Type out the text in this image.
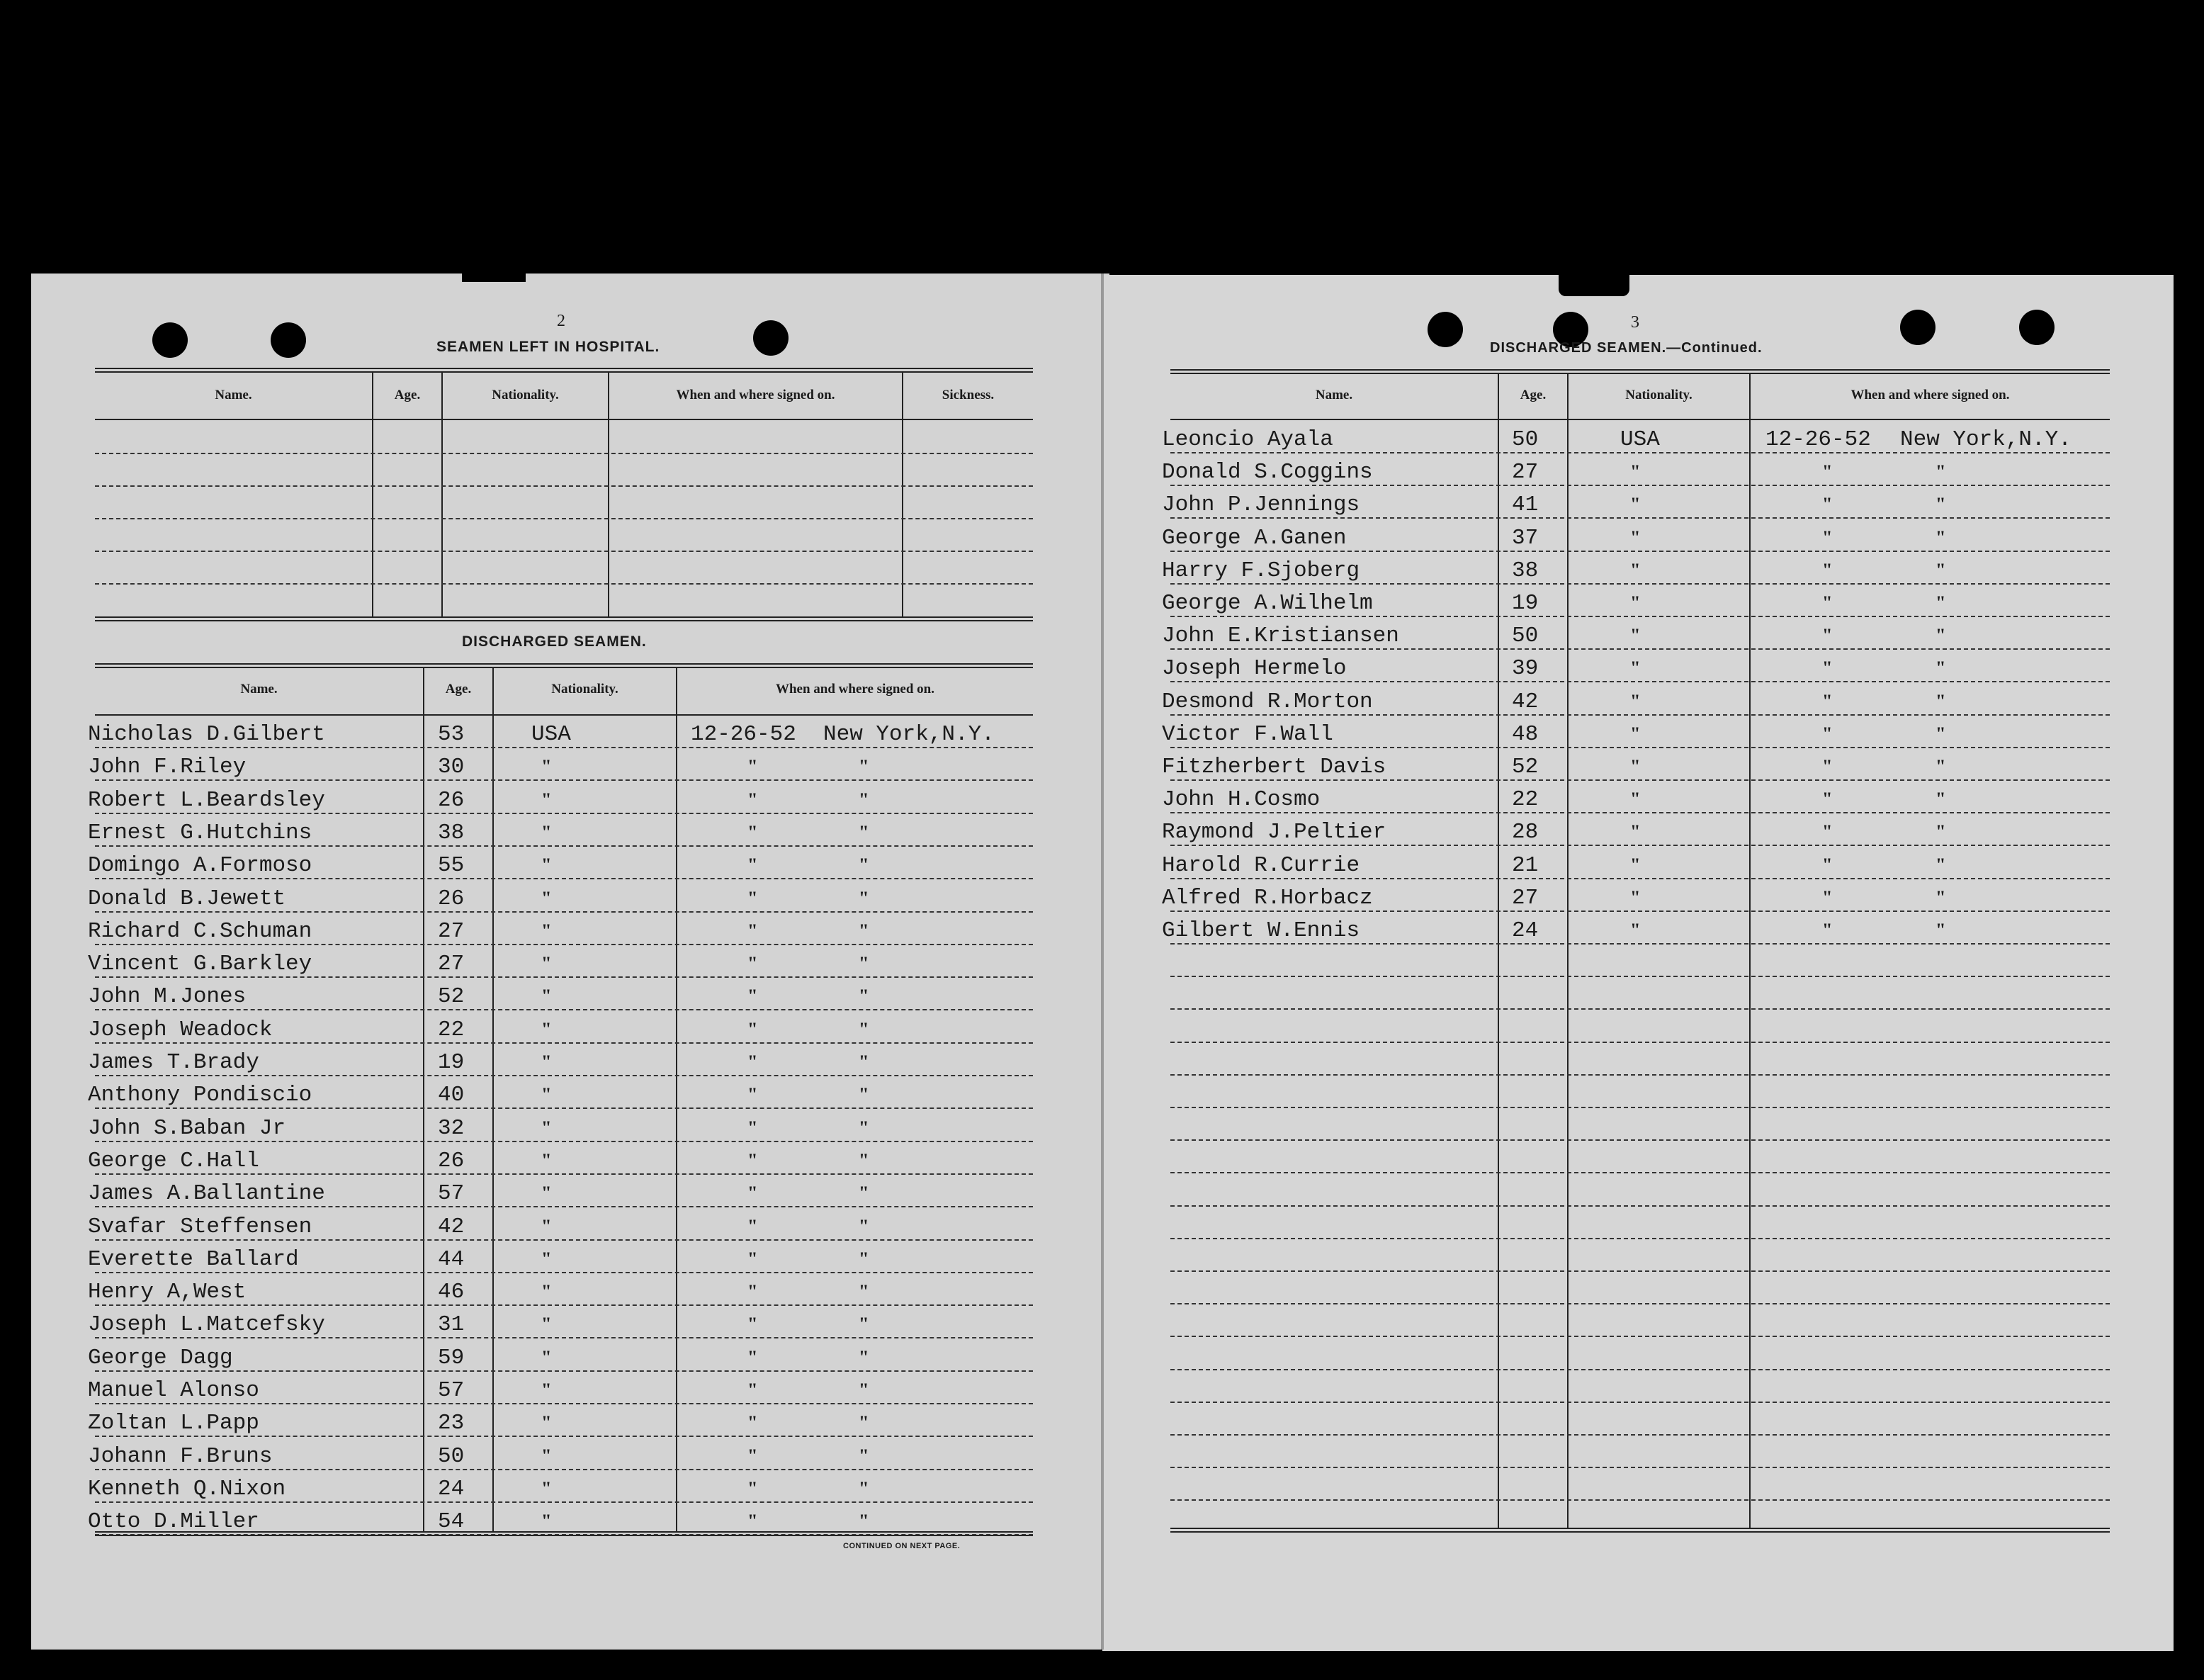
2
SEAMEN LEFT IN HOSPITAL.
Name.	Age.	Nationality.	When and where signed on.	Sickness.
DISCHARGED SEAMEN.
Name.	Age.	Nationality.	When and where signed on.
Nicholas D.Gilbert	53	USA	12-26-52 New York,N.Y.
John F.Riley	30	"	"	"
Robert L.Beardsley	26	"	"	"
Ernest G.Hutchins	38	"	"	"
Domingo A.Formoso	55	"	"	"
Donald B.Jewett	26	"	"	"
Richard C.Schuman	27	"	"	"
Vincent G.Barkley	27	"	"	"
John M.Jones	52	"	"	"
Joseph Weadock	22	"	"	"
James T.Brady	19	"	"	"
Anthony Pondiscio	40	"	"	"
John S.Baban Jr	32	"	"	"
George C.Hall	26	"	"	"
James A.Ballantine	57	"	"	"
Svafar Steffensen	42	"	"	"
Everette Ballard	44	"	"	"
Henry A,West	46	"	"	"
Joseph L.Matcefsky	31	"	"	"
George Dagg	59	"	"	"
Manuel Alonso	57	"	"	"
Zoltan L.Papp	23	"	"	"
Johann F.Bruns	50	"	"	"
Kenneth Q.Nixon	24	"	"	"
Otto D.Miller	54	"	"	"
CONTINUED ON NEXT PAGE.
3
DISCHARGED SEAMEN.—Continued.
Name.	Age.	Nationality.	When and where signed on.
Leoncio Ayala	50	USA	12-26-52 New York,N.Y.
Donald S.Coggins	27	"	"	"
John P.Jennings	41	"	"	"
George A.Ganen	37	"	"	"
Harry F.Sjoberg	38	"	"	"
George A.Wilhelm	19	"	"	"
John E.Kristiansen	50	"	"	"
Joseph Hermelo	39	"	"	"
Desmond R.Morton	42	"	"	"
Victor F.Wall	48	"	"	"
Fitzherbert Davis	52	"	"	"
John H.Cosmo	22	"	"	"
Raymond J.Peltier	28	"	"	"
Harold R.Currie	21	"	"	"
Alfred R.Horbacz	27	"	"	"
Gilbert W.Ennis	24	"	"	"
